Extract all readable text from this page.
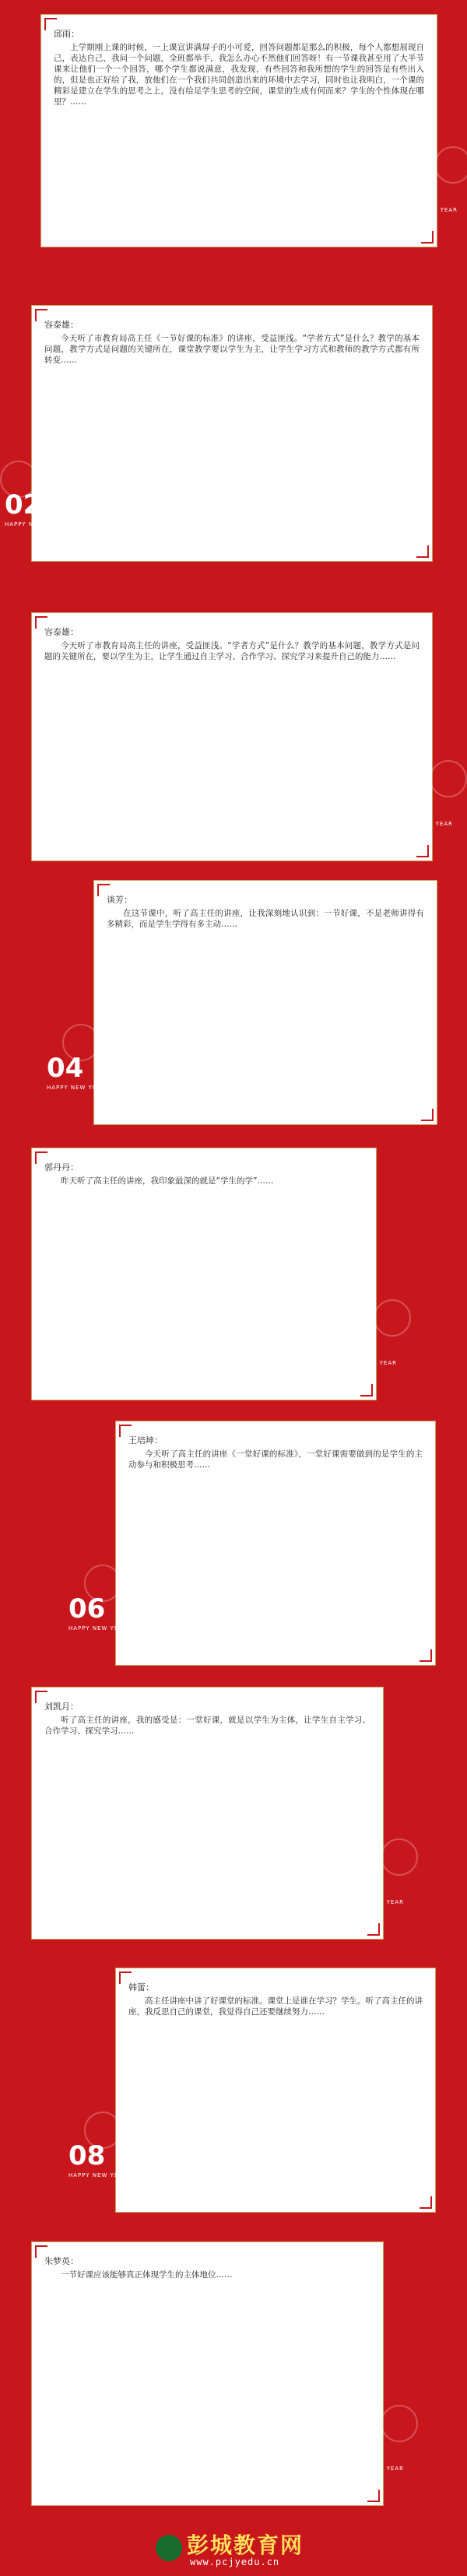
邱雨：

上学期刚上课的时候，一上课宣讲满屏子的小可爱，回答问题都是那么的积极，每个人都想展现自己，表达自己，我问一个问题，全班都举手，我怎么办心不然他们回答呀！有一节课我甚至用了大半节课来让他们一个一个回答，哪个学生都说满意，我发现，有些回答和我所想的学生的回答是有些出入的，但是也正好给了我，放他们在一个我们共同创造出来的环境中去学习，同时也让我明白，一个课的精彩是建立在学生的思考之上，没有给足学生思考的空间，课堂的生成有何而来？学生的个性体现在哪里？……

01
HAPPY NEW YEAR
容泰雄：

今天听了市教育局高主任《一节好课的标准》的讲座，受益匪浅。“学者方式”是什么？教学的基本问题，教学方式是问题的关键所在，课堂教学要以学生为主，让学生学习方式和教师的教学方式都有所转变……

02
HAPPY NEW YEAR
容泰雄：

今天听了市教育局高主任的讲座，受益匪浅。“学者方式”是什么？教学的基本问题，教学方式是问题的关键所在，要以学生为主，让学生通过自主学习、合作学习、探究学习来提升自己的能力……

03
HAPPY NEW YEAR
谈芳：

在这节课中，听了高主任的讲座，让我深刻地认识到：一节好课，不是老师讲得有多精彩，而是学生学得有多主动……

04
HAPPY NEW YEAR
郭丹丹：

昨天听了高主任的讲座，我印象最深的就是“学生的学”……

05
HAPPY NEW YEAR
王培坤：

今天听了高主任的讲座《一堂好课的标准》，一堂好课需要做到的是学生的主动参与和积极思考……

06
HAPPY NEW YEAR
刘凯月：

听了高主任的讲座，我的感受是：一堂好课，就是以学生为主体，让学生自主学习、合作学习、探究学习……

07
HAPPY NEW YEAR
韩蕾：

高主任讲座中讲了好课堂的标准。课堂上是谁在学习？学生。听了高主任的讲座，我反思自己的课堂，我觉得自己还要继续努力……

08
HAPPY NEW YEAR
朱梦英：

一节好课应该能够真正体现学生的主体地位……

09
HAPPY NEW YEAR
彭城教育网
www.pcjyedu.cn
